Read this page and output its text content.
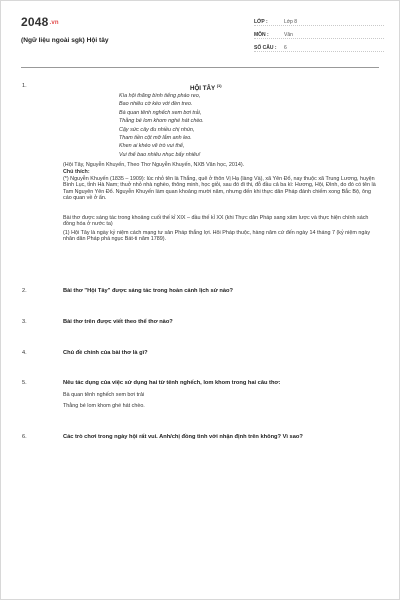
2048.vn
(Ngữ liệu ngoài sgk) Hội tây
LỚP :	Lớp 8
MÔN :	Văn
SỐ CÂU :	6
1.	HỘI TÂY $^{(1)}$
Kìa hội thăng bình tiếng pháo reo,
Bao nhiêu cờ kéo với đèn treo.
Bà quan tênh nghếch xem bơi trải,
Thằng bé lom khom nghé hát chèo.
Cậy sức cây đu nhiều chị nhún,
Tham tiền cột mỡ lắm anh leo.
Khen ai khéo vẽ trò vui thế,
Vui thế bao nhiêu nhục bấy nhiêu!
(Hội Tây, Nguyễn Khuyến, Theo Thơ Nguyễn Khuyến, NXB Văn học, 2014).
Chú thích:
(*) Nguyễn Khuyến (1835 – 1909): lúc nhỏ tên là Thắng, quê ở thôn Vị Hạ (làng Và), xã Yên Đổ, nay thuộc xã Trung Lương, huyện Bình Lục, tỉnh Hà Nam; thuở nhỏ nhà nghèo, thông minh, học giỏi, sau đó đi thi, đỗ đầu cả ba kì: Hương, Hội, Đình, do đó có tên là Tam Nguyên Yên Đổ. Nguyễn Khuyến làm quan khoảng mười năm, nhưng đến khi thực dân Pháp đánh chiếm xong Bắc Bộ, ông cáo quan về ở ẩn.
Bài thơ được sáng tác trong khoảng cuối thế kỉ XIX – đầu thế kỉ XX (khi Thực dân Pháp sang xâm lược và thực hiện chính sách đồng hóa ở nước ta)
(1) Hội Tây là ngày kỷ niệm cách mạng tư sản Pháp thắng lợi. Hôi Pháp thuộc, hàng năm cứ đến ngày 14 tháng 7 (kỷ niệm ngày nhân dân Pháp phá ngục Bát-ti năm 1789).
2.	Bài thơ "Hội Tây" được sáng tác trong hoàn cảnh lịch sử nào?
3.	Bài thơ trên được viết theo thể thơ nào?
4.	Chủ đề chính của bài thơ là gì?
5.	Nêu tác dụng của việc sử dụng hai từ tênh nghếch, lom khom trong hai câu thơ:
Bà quan tênh nghếch xem bơi trải
Thằng bé lom khom ghé hát chèo.
6.	Các trò chơi trong ngày hội rất vui. Anh/chị đồng tình với nhận định trên không? Vì sao?
